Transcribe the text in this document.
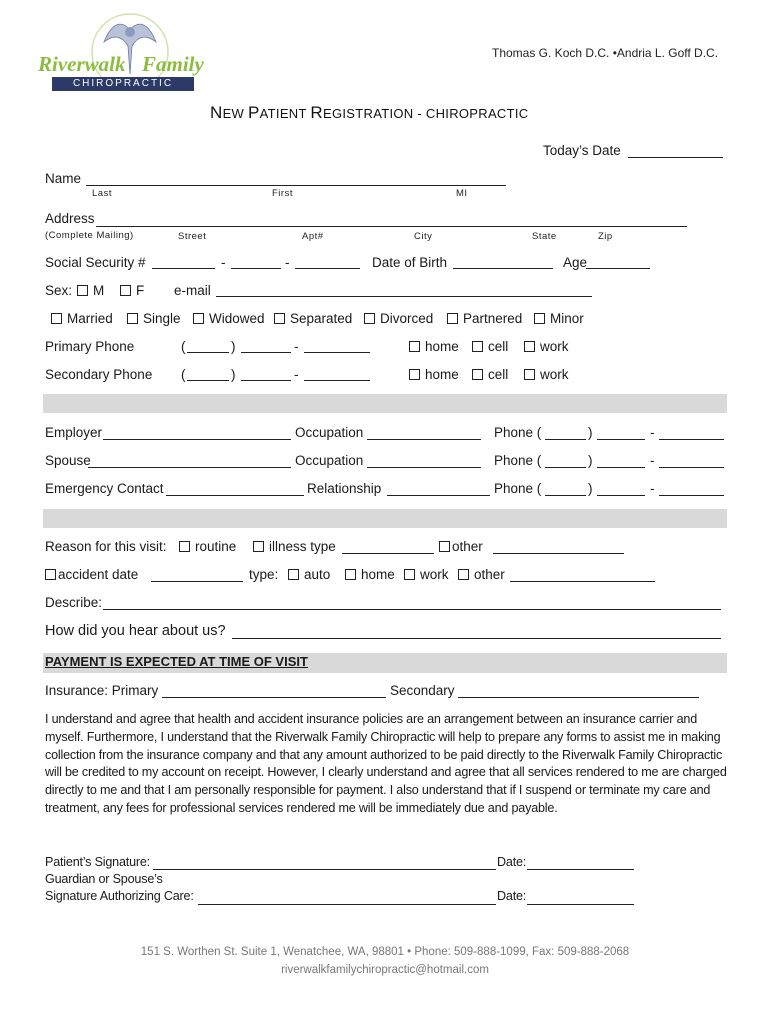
Riverwalk Family
CHIROPRACTIC
Thomas G. Koch D.C. •Andria L. Goff D.C.
NEW PATIENT REGISTRATION - CHIROPRACTIC
Today’s Date
Name
Last	First	MI
Address
(Complete Mailing)	Street	Apt#	City	State	Zip
Social Security #	-	-	Date of Birth	Age
Sex:	M	F e-mail
Married	Single	Widowed	Separated	Divorced	Partnered	Minor
Primary Phone	(	)	-	home	cell	work
Secondary Phone (	)	-	home	cell	work
Employer	Occupation	Phone (	)	-
Spouse	Occupation	Phone (	)	-
Emergency Contact	Relationship	Phone (	)	-
Reason for this visit:	routine	illness type	other
accident date	type:	auto	home	work	other
Describe:
How did you hear about us?
PAYMENT IS EXPECTED AT TIME OF VISIT
Insurance: Primary	Secondary
I understand and agree that health and accident insurance policies are an arrangement between an insurance carrier and myself. Furthermore, I understand that the Riverwalk Family Chiropractic will help to prepare any forms to assist me in making collection from the insurance company and that any amount authorized to be paid directly to the Riverwalk Family Chiropractic will be credited to my account on receipt. However, I clearly understand and agree that all services rendered to me are charged directly to me and that I am personally responsible for payment. I also understand that if I suspend or terminate my care and treatment, any fees for professional services rendered me will be immediately due and payable.
Patient’s Signature:	Date:
Guardian or Spouse’s
Signature Authorizing Care:	Date:
151 S. Worthen St. Suite 1, Wenatchee, WA, 98801 • Phone: 509-888-1099, Fax: 509-888-2068
riverwalkfamilychiropractic@hotmail.com
